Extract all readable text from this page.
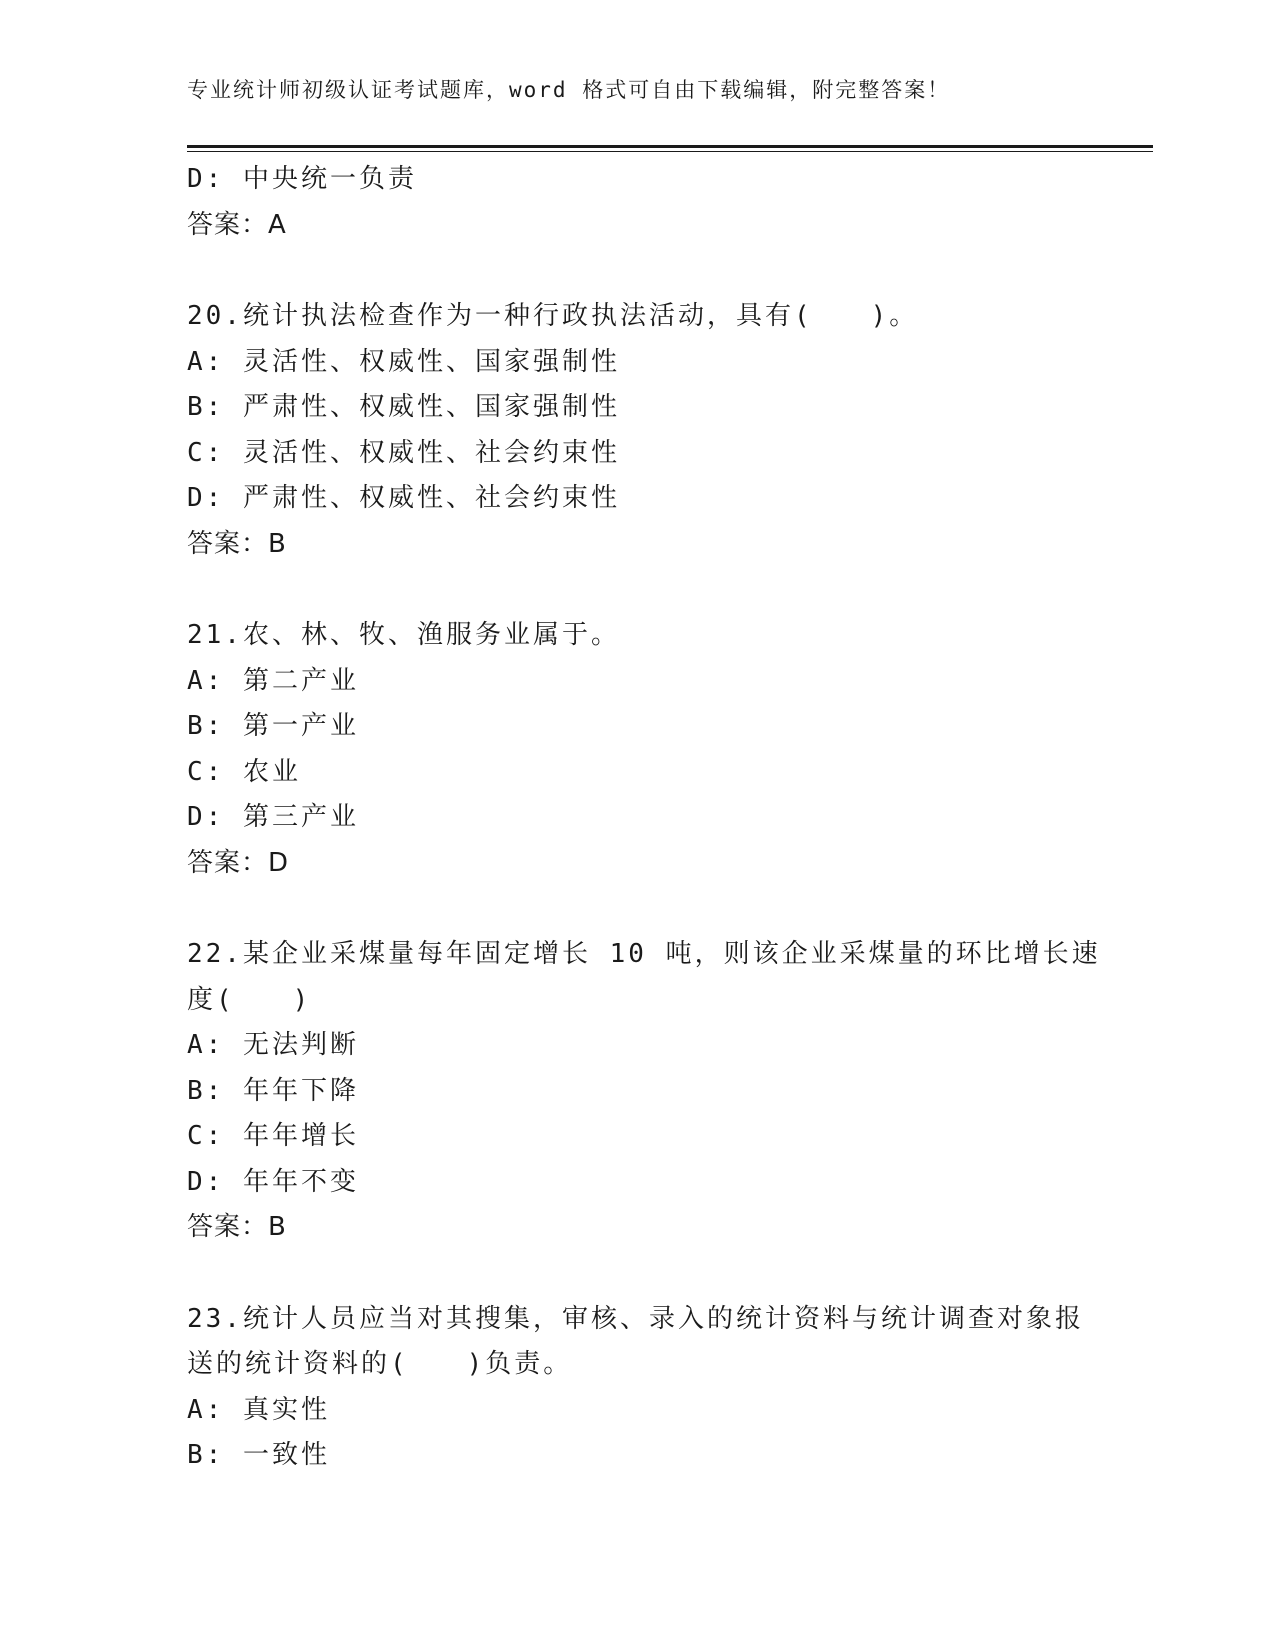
专业统计师初级认证考试题库，word 格式可自由下载编辑，附完整答案！
D: 中央统一负责
答案：A
20.统计执法检查作为一种行政执法活动，具有(　　)。
A: 灵活性、权威性、国家强制性
B: 严肃性、权威性、国家强制性
C: 灵活性、权威性、社会约束性
D: 严肃性、权威性、社会约束性
答案：B
21.农、林、牧、渔服务业属于。
A: 第二产业
B: 第一产业
C: 农业
D: 第三产业
答案：D
22.某企业采煤量每年固定增长 10 吨，则该企业采煤量的环比增长速
度(　　)
A: 无法判断
B: 年年下降
C: 年年增长
D: 年年不变
答案：B
23.统计人员应当对其搜集，审核、录入的统计资料与统计调查对象报
送的统计资料的(　　)负责。
A: 真实性
B: 一致性
